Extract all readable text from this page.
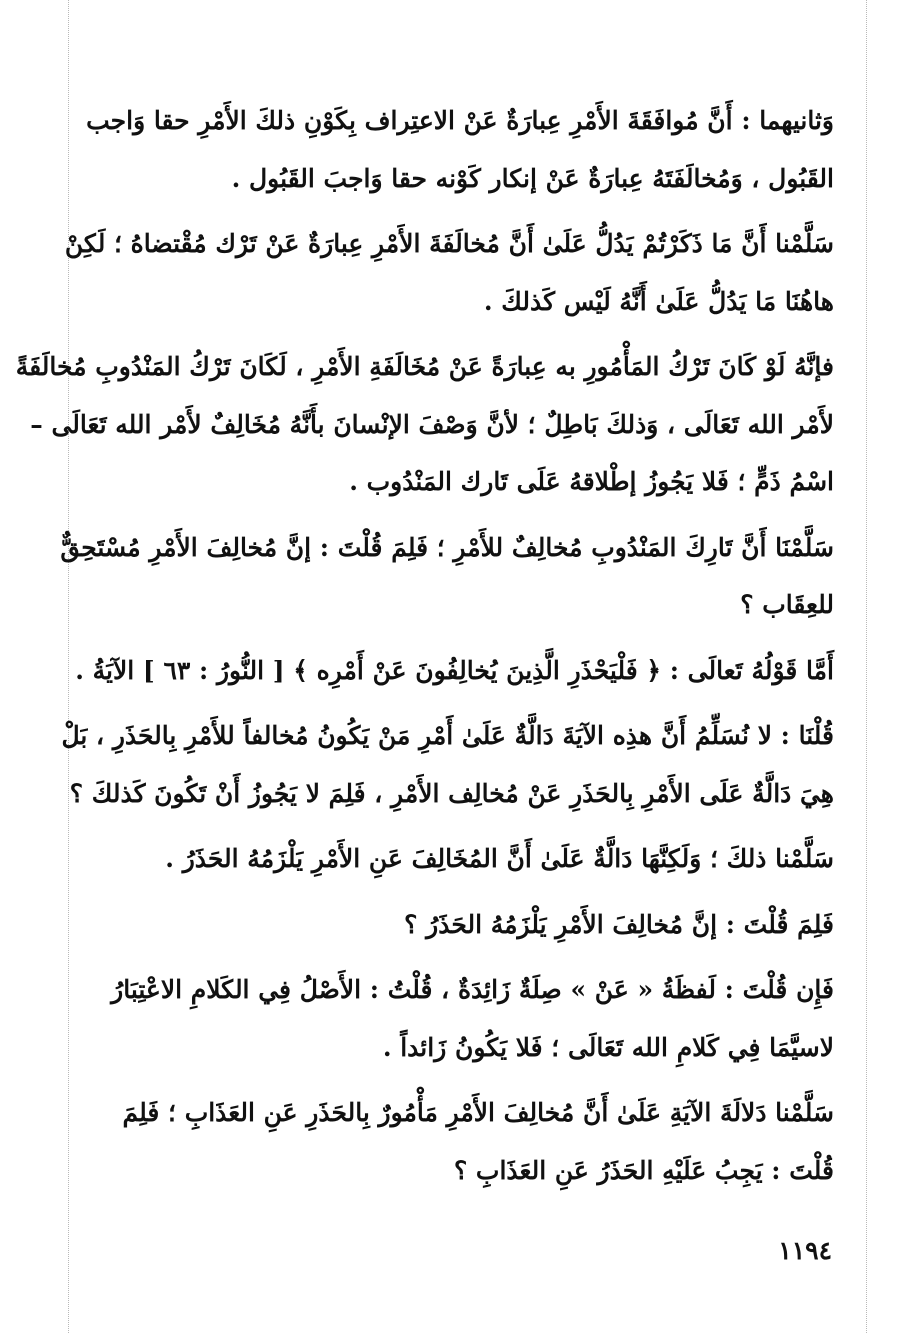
وَثانيهما : أَنَّ مُوافَقَةَ الأَمْرِ عِبارَةٌ عَنْ الاعتِراف بِكَوْنِ ذلكَ الأَمْرِ حقا وَاجب
القَبُول ، وَمُخالَفَتَهُ عِبارَةٌ عَنْ إنكار كَوْنه حقا وَاجبَ القَبُول .

سَلَّمْنا أَنَّ مَا ذَكَرْتُمْ يَدُلُّ عَلَىٰ أَنَّ مُخالَفَةَ الأَمْرِ عِبارَةٌ عَنْ تَرْك مُقْتضاهُ ؛ لَكِنْ
هاهُنَا مَا يَدُلُّ عَلَىٰ أَنَّهُ لَيْس كَذلكَ .

فإنَّهُ لَوْ كَانَ تَرْكُ المَأْمُورِ به عِبارَةً عَنْ مُخَالَفَةِ الأَمْرِ ، لَكَانَ تَرْكُ المَنْدُوبِ مُخالَفَةً
لأَمْر الله تَعَالَى ، وَذلكَ بَاطِلٌ ؛ لأنَّ وَصْفَ الإنْسانَ بأَنَّهُ مُخَالِفٌ لأَمْر الله تَعَالَى –
اسْمُ ذَمٍّ ؛ فَلا يَجُوزُ إطْلاقهُ عَلَى تَارك المَنْدُوب .

سَلَّمْنَا أَنَّ تَارِكَ المَنْدُوبِ مُخالِفٌ للأَمْرِ ؛ فَلِمَ قُلْتَ : إنَّ مُخالِفَ الأَمْرِ مُسْتَحِقٌّ
للعِقَاب ؟

أَمَّا قَوْلُهُ تَعالَى : ﴿ فَلْيَحْذَرِ الَّذِينَ يُخالِفُونَ عَنْ أَمْرِه ﴾ [ النُّورُ : ٦٣ ] الآيَةُ .

قُلْنَا : لا نُسَلِّمُ أَنَّ هذِه الآيَةَ دَالَّةٌ عَلَىٰ أَمْرِ مَنْ يَكُونُ مُخالفاً للأَمْرِ بِالحَذَرِ ، بَلْ
هِيَ دَالَّةٌ عَلَى الأَمْرِ بِالحَذَرِ عَنْ مُخالِف الأَمْرِ ، فَلِمَ لا يَجُوزُ أَنْ تَكُونَ كَذلكَ ؟

سَلَّمْنا ذلكَ ؛ وَلَكِنَّهَا دَالَّةٌ عَلَىٰ أَنَّ المُخَالِفَ عَنِ الأَمْرِ يَلْزَمُهُ الحَذَرُ .

فَلِمَ قُلْتَ : إنَّ مُخالِفَ الأَمْرِ يَلْزَمُهُ الحَذَرُ ؟

فَإِن قُلْتَ : لَفظَةُ « عَنْ » صِلَةٌ زَائِدَةٌ ، قُلْتُ : الأَصْلُ فِي الكَلامِ الاعْتِبَارُ
لاسيَّمَا فِي كَلامِ الله تَعَالَى ؛ فَلا يَكُونُ زَائداً .

سَلَّمْنا دَلالَةَ الآيَةِ عَلَىٰ أَنَّ مُخالِفَ الأَمْرِ مَأْمُورٌ بِالحَذَرِ عَنِ العَذَابِ ؛ فَلِمَ
قُلْتَ : يَجِبُ عَلَيْهِ الحَذَرُ عَنِ العَذَابِ ؟

١١٩٤
